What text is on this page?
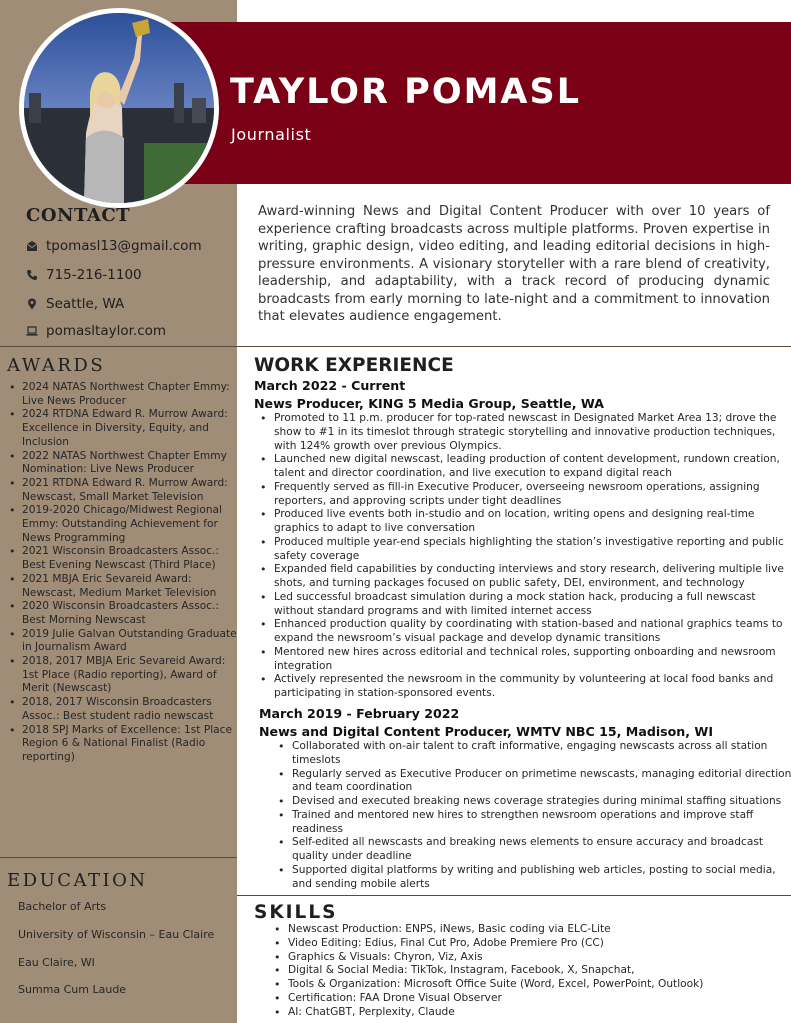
TAYLOR POMASL
Journalist
CONTACT
tpomasl13@gmail.com
715-216-1100
Seattle, WA
pomasltaylor.com

Award-winning News and Digital Content Producer with over 10 years of experience crafting broadcasts across multiple platforms. Proven expertise in writing, graphic design, video editing, and leading editorial decisions in high-pressure environments. A visionary storyteller with a rare blend of creativity, leadership, and adaptability, with a track record of producing dynamic broadcasts from early morning to late-night and a commitment to innovation that elevates audience engagement.

AWARDS
• 2024 NATAS Northwest Chapter Emmy: Live News Producer
• 2024 RTDNA Edward R. Murrow Award: Excellence in Diversity, Equity, and Inclusion
• 2022 NATAS Northwest Chapter Emmy Nomination: Live News Producer
• 2021 RTDNA Edward R. Murrow Award: Newscast, Small Market Television
• 2019-2020 Chicago/Midwest Regional Emmy: Outstanding Achievement for News Programming
• 2021 Wisconsin Broadcasters Assoc.: Best Evening Newscast (Third Place)
• 2021 MBJA Eric Sevareid Award: Newscast, Medium Market Television
• 2020 Wisconsin Broadcasters Assoc.: Best Morning Newscast
• 2019 Julie Galvan Outstanding Graduate in Journalism Award
• 2018, 2017 MBJA Eric Sevareid Award: 1st Place (Radio reporting), Award of Merit (Newscast)
• 2018, 2017 Wisconsin Broadcasters Assoc.: Best student radio newscast
• 2018 SPJ Marks of Excellence: 1st Place Region 6 & National Finalist (Radio reporting)
EDUCATION
Bachelor of Arts
University of Wisconsin – Eau Claire
Eau Claire, WI
Summa Cum Laude
WORK EXPERIENCE
March 2022 - Current
News Producer, KING 5 Media Group, Seattle, WA
• Promoted to 11 p.m. producer for top-rated newscast in Designated Market Area 13; drove the show to #1 in its timeslot through strategic storytelling and innovative production techniques, with 124% growth over previous Olympics.
• Launched new digital newscast, leading production of content development, rundown creation, talent and director coordination, and live execution to expand digital reach
• Frequently served as fill-in Executive Producer, overseeing newsroom operations, assigning reporters, and approving scripts under tight deadlines
• Produced live events both in-studio and on location, writing opens and designing real-time graphics to adapt to live conversation
• Produced multiple year-end specials highlighting the station’s investigative reporting and public safety coverage
• Expanded field capabilities by conducting interviews and story research, delivering multiple live shots, and turning packages focused on public safety, DEI, environment, and technology
• Led successful broadcast simulation during a mock station hack, producing a full newscast without standard programs and with limited internet access
• Enhanced production quality by coordinating with station-based and national graphics teams to expand the newsroom’s visual package and develop dynamic transitions
• Mentored new hires across editorial and technical roles, supporting onboarding and newsroom integration
• Actively represented the newsroom in the community by volunteering at local food banks and participating in station-sponsored events.
March 2019 - February 2022
News and Digital Content Producer, WMTV NBC 15, Madison, WI
• Collaborated with on-air talent to craft informative, engaging newscasts across all station timeslots
• Regularly served as Executive Producer on primetime newscasts, managing editorial direction and team coordination
• Devised and executed breaking news coverage strategies during minimal staffing situations
• Trained and mentored new hires to strengthen newsroom operations and improve staff readiness
• Self-edited all newscasts and breaking news elements to ensure accuracy and broadcast quality under deadline
• Supported digital platforms by writing and publishing web articles, posting to social media, and sending mobile alerts
SKILLS
• Newscast Production: ENPS, iNews, Basic coding via ELC-Lite
• Video Editing: Edius, Final Cut Pro, Adobe Premiere Pro (CC)
• Graphics & Visuals: Chyron, Viz, Axis
• Digital & Social Media: TikTok, Instagram, Facebook, X, Snapchat,
• Tools & Organization: Microsoft Office Suite (Word, Excel, PowerPoint, Outlook)
• Certification: FAA Drone Visual Observer
• AI: ChatGBT, Perplexity, Claude
